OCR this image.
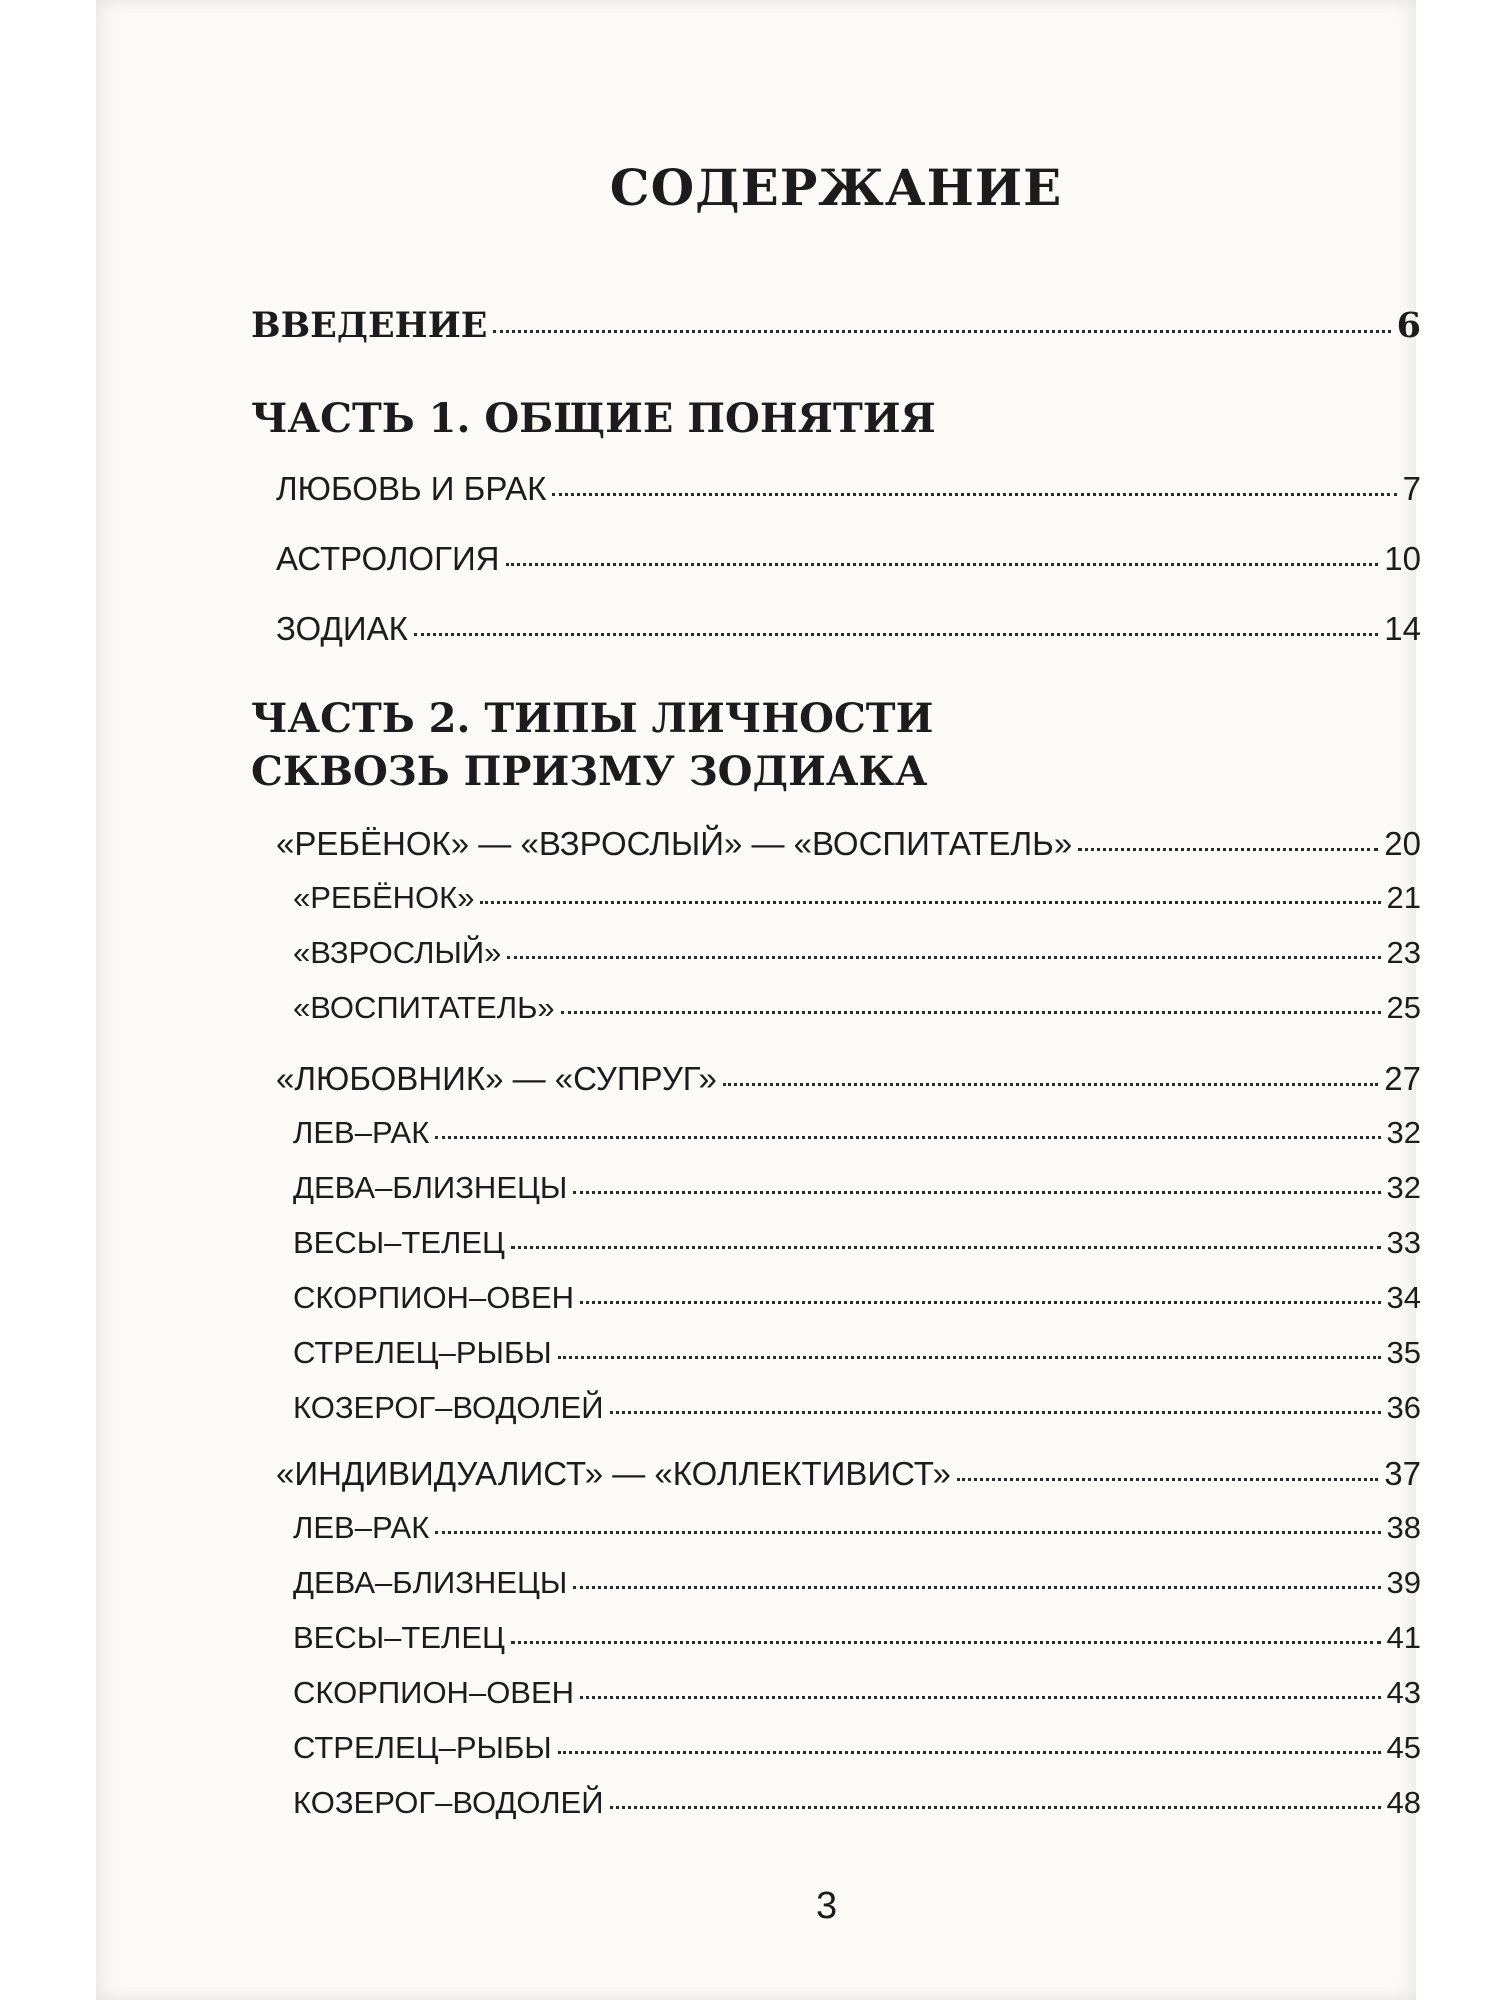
СОДЕРЖАНИЕ
ВВЕДЕНИЕ	6
ЧАСТЬ 1. ОБЩИЕ ПОНЯТИЯ
ЛЮБОВЬ И БРАК	7
АСТРОЛОГИЯ	10
ЗОДИАК	14
ЧАСТЬ 2. ТИПЫ ЛИЧНОСТИ
СКВОЗЬ ПРИЗМУ ЗОДИАКА
«РЕБЁНОК» — «ВЗРОСЛЫЙ» — «ВОСПИТАТЕЛЬ»	20
«РЕБЁНОК»	21
«ВЗРОСЛЫЙ»	23
«ВОСПИТАТЕЛЬ»	25
«ЛЮБОВНИК» — «СУПРУГ»	27
ЛЕВ–РАК	32
ДЕВА–БЛИЗНЕЦЫ	32
ВЕСЫ–ТЕЛЕЦ	33
СКОРПИОН–ОВЕН	34
СТРЕЛЕЦ–РЫБЫ	35
КОЗЕРОГ–ВОДОЛЕЙ	36
«ИНДИВИДУАЛИСТ» — «КОЛЛЕКТИВИСТ»	37
ЛЕВ–РАК	38
ДЕВА–БЛИЗНЕЦЫ	39
ВЕСЫ–ТЕЛЕЦ	41
СКОРПИОН–ОВЕН	43
СТРЕЛЕЦ–РЫБЫ	45
КОЗЕРОГ–ВОДОЛЕЙ	48
3
